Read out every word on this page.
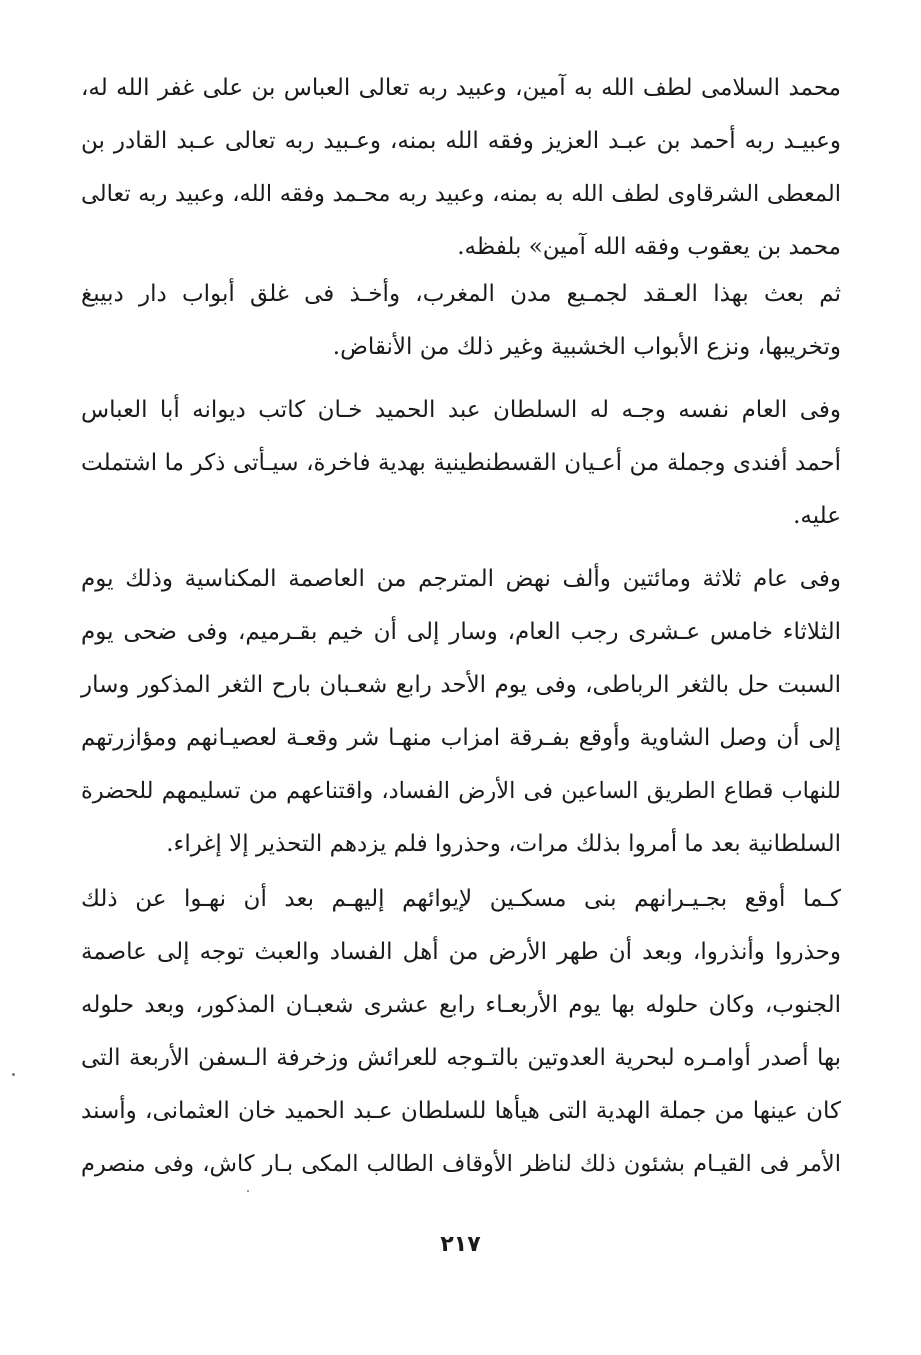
محمد السلامى لطف الله به آمين، وعبيد ربه تعالى العباس بن على غفر الله له،
وعبيـد ربه أحمد بن عبـد العزيز وفقه الله بمنه، وعـبيد ربه تعالى عـبد القادر بن
المعطى الشرقاوى لطف الله به بمنه، وعبيد ربه محـمد وفقه الله، وعبيد ربه تعالى
محمد بن يعقوب وفقه الله آمين» بلفظه.
ثم بعث بهذا العـقد لجمـيع مدن المغرب، وأخـذ فى غلق أبواب دار دبيبغ
وتخريبها، ونزع الأبواب الخشبية وغير ذلك من الأنقاض.
وفى العام نفسه وجـه له السلطان عبد الحميد خـان كاتب ديوانه أبا العباس
أحمد أفندى وجملة من أعـيان القسطنطينية بهدية فاخرة، سيـأتى ذكر ما اشتملت
عليه.
وفى عام ثلاثة ومائتين وألف نهض المترجم من العاصمة المكناسية وذلك يوم
الثلاثاء خامس عـشرى رجب العام، وسار إلى أن خيم بقـرميم، وفى ضحى يوم
السبت حل بالثغر الرباطى، وفى يوم الأحد رابع شعـبان بارح الثغر المذكور وسار
إلى أن وصل الشاوية وأوقع بفـرقة امزاب منهـا شر وقعـة لعصيـانهم ومؤازرتهم
للنهاب قطاع الطريق الساعين فى الأرض الفساد، واقتناعهم من تسليمهم للحضرة
السلطانية بعد ما أمروا بذلك مرات، وحذروا فلم يزدهم التحذير إلا إغراء.
كـما أوقع بجـيـرانهم بنى مسكـين لإيوائهم إليهـم بعد أن نهـوا عن ذلك
وحذروا وأنذروا، وبعد أن طهر الأرض من أهل الفساد والعبث توجه إلى عاصمة
الجنوب، وكان حلوله بها يوم الأربعـاء رابع عشرى شعبـان المذكور، وبعد حلوله
بها أصدر أوامـره لبحرية العدوتين بالتـوجه للعرائش وزخرفة الـسفن الأربعة التى
كان عينها من جملة الهدية التى هيأها للسلطان عـبد الحميد خان العثمانى، وأسند
الأمر فى القيـام بشئون ذلك لناظر الأوقاف الطالب المكى بـار كاش، وفى منصرم
٢١٧
